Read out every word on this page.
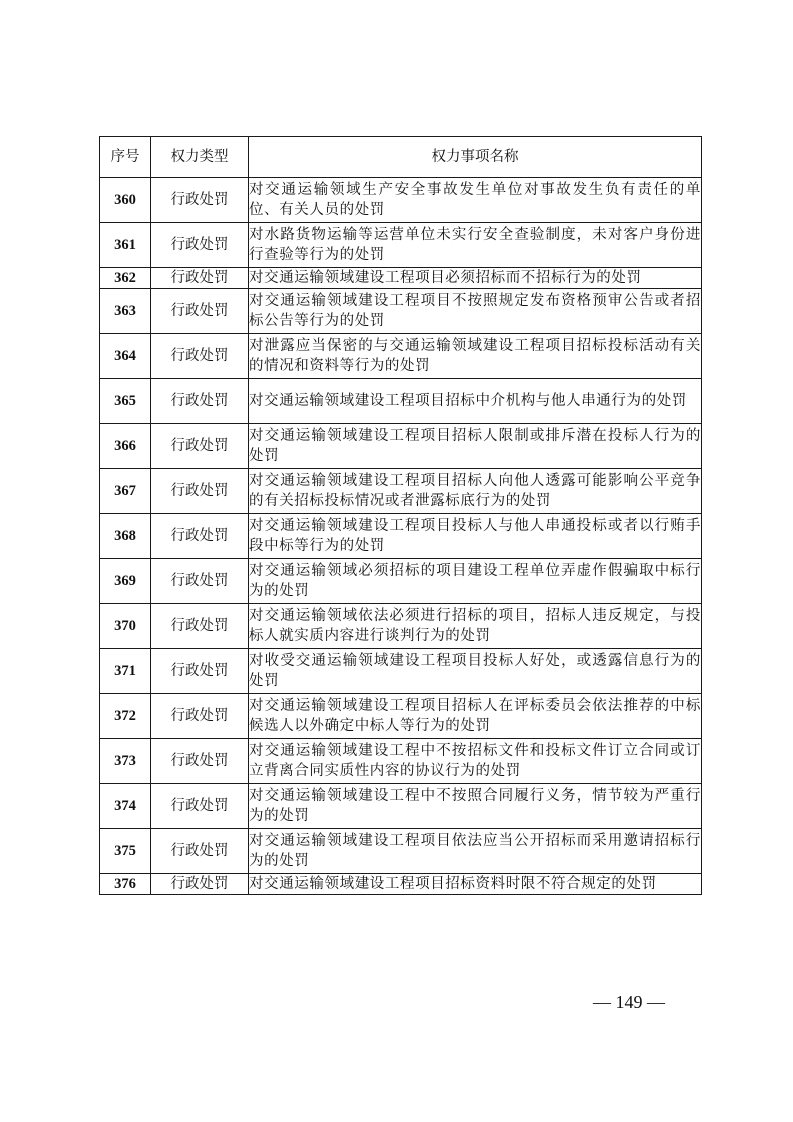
序号	权力类型	权力事项名称
360	行政处罚	对交通运输领域生产安全事故发生单位对事故发生负有责任的单位、有关人员的处罚
361	行政处罚	对水路货物运输等运营单位未实行安全查验制度，未对客户身份进行查验等行为的处罚
362	行政处罚	对交通运输领域建设工程项目必须招标而不招标行为的处罚
363	行政处罚	对交通运输领域建设工程项目不按照规定发布资格预审公告或者招标公告等行为的处罚
364	行政处罚	对泄露应当保密的与交通运输领域建设工程项目招标投标活动有关的情况和资料等行为的处罚
365	行政处罚	对交通运输领域建设工程项目招标中介机构与他人串通行为的处罚
366	行政处罚	对交通运输领域建设工程项目招标人限制或排斥潜在投标人行为的处罚
367	行政处罚	对交通运输领域建设工程项目招标人向他人透露可能影响公平竞争的有关招标投标情况或者泄露标底行为的处罚
368	行政处罚	对交通运输领域建设工程项目投标人与他人串通投标或者以行贿手段中标等行为的处罚
369	行政处罚	对交通运输领域必须招标的项目建设工程单位弄虚作假骗取中标行为的处罚
370	行政处罚	对交通运输领域依法必须进行招标的项目，招标人违反规定，与投标人就实质内容进行谈判行为的处罚
371	行政处罚	对收受交通运输领域建设工程项目投标人好处，或透露信息行为的处罚
372	行政处罚	对交通运输领域建设工程项目招标人在评标委员会依法推荐的中标候选人以外确定中标人等行为的处罚
373	行政处罚	对交通运输领域建设工程中不按招标文件和投标文件订立合同或订立背离合同实质性内容的协议行为的处罚
374	行政处罚	对交通运输领域建设工程中不按照合同履行义务，情节较为严重行为的处罚
375	行政处罚	对交通运输领域建设工程项目依法应当公开招标而采用邀请招标行为的处罚
376	行政处罚	对交通运输领域建设工程项目招标资料时限不符合规定的处罚
— 149 —
